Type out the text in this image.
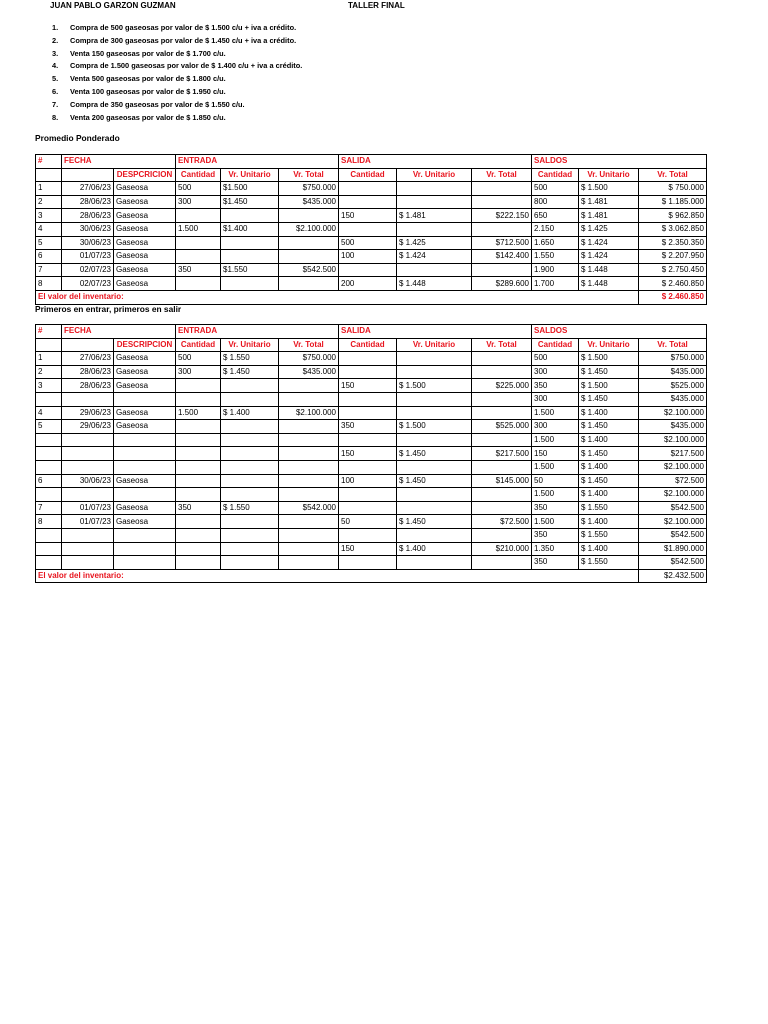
JUAN PABLO GARZON GUZMAN	TALLER FINAL
1. Compra de 500 gaseosas por valor de $ 1.500 c/u + iva a crédito.
2. Compra de 300 gaseosas por valor de $ 1.450 c/u + iva a crédito.
3. Venta 150 gaseosas por valor de $ 1.700 c/u.
4. Compra de 1.500 gaseosas por valor de $ 1.400 c/u + iva a crédito.
5. Venta 500 gaseosas por valor de $ 1.800 c/u.
6. Venta 100 gaseosas por valor de $ 1.950 c/u.
7. Compra de 350 gaseosas por valor de $ 1.550 c/u.
8. Venta 200 gaseosas por valor de $ 1.850 c/u.
Promedio Ponderado
#	FECHA		ENTRADA			SALIDA			SALDOS		
		DESPCRICION	Cantidad	Vr. Unitario	Vr. Total	Cantidad	Vr. Unitario	Vr. Total	Cantidad	Vr. Unitario	Vr. Total
1	27/06/23	Gaseosa	500	$1.500	$750.000				500	$ 1.500	$ 750.000
2	28/06/23	Gaseosa	300	$1.450	$435.000				800	$ 1.481	$ 1.185.000
3	28/06/23	Gaseosa				150	$ 1.481	$222.150	650	$ 1.481	$ 962.850
4	30/06/23	Gaseosa	1.500	$1.400	$2.100.000				2.150	$ 1.425	$ 3.062.850
5	30/06/23	Gaseosa				500	$ 1.425	$712.500	1.650	$ 1.424	$ 2.350.350
6	01/07/23	Gaseosa				100	$ 1.424	$142.400	1.550	$ 1.424	$ 2.207.950
7	02/07/23	Gaseosa	350	$1.550	$542.500				1.900	$ 1.448	$ 2.750.450
8	02/07/23	Gaseosa				200	$ 1.448	$289.600	1.700	$ 1.448	$ 2.460.850
El valor del inventario:											$ 2.460.850
Primeros en entrar, primeros en salir
#	FECHA		ENTRADA			SALIDA			SALDOS		
		DESCRIPCION	Cantidad	Vr. Unitario	Vr. Total	Cantidad	Vr. Unitario	Vr. Total	Cantidad	Vr. Unitario	Vr. Total
1	27/06/23	Gaseosa	500	$ 1.550	$750.000				500	$ 1.500	$750.000
2	28/06/23	Gaseosa	300	$ 1.450	$435.000				300	$ 1.450	$435.000
3	28/06/23	Gaseosa				150	$ 1.500	$225.000	350	$ 1.500	$525.000
									300	$ 1.450	$435.000
4	29/06/23	Gaseosa	1.500	$ 1.400	$2.100.000				1.500	$ 1.400	$2.100.000
5	29/06/23	Gaseosa				350	$ 1.500	$525.000	300	$ 1.450	$435.000
									1.500	$ 1.400	$2.100.000
						150	$ 1.450	$217.500	150	$ 1.450	$217.500
									1.500	$ 1.400	$2.100.000
6	30/06/23	Gaseosa				100	$ 1.450	$145.000	50	$ 1.450	$72.500
									1.500	$ 1.400	$2.100.000
7	01/07/23	Gaseosa	350	$ 1.550	$542.000				350	$ 1.550	$542.500
8	01/07/23	Gaseosa				50	$ 1.450	$72.500	1.500	$ 1.400	$2.100.000
									350	$ 1.550	$542.500
						150	$ 1.400	$210.000	1.350	$ 1.400	$1.890.000
									350	$ 1.550	$542.500
El valor del inventario:											$2.432.500
